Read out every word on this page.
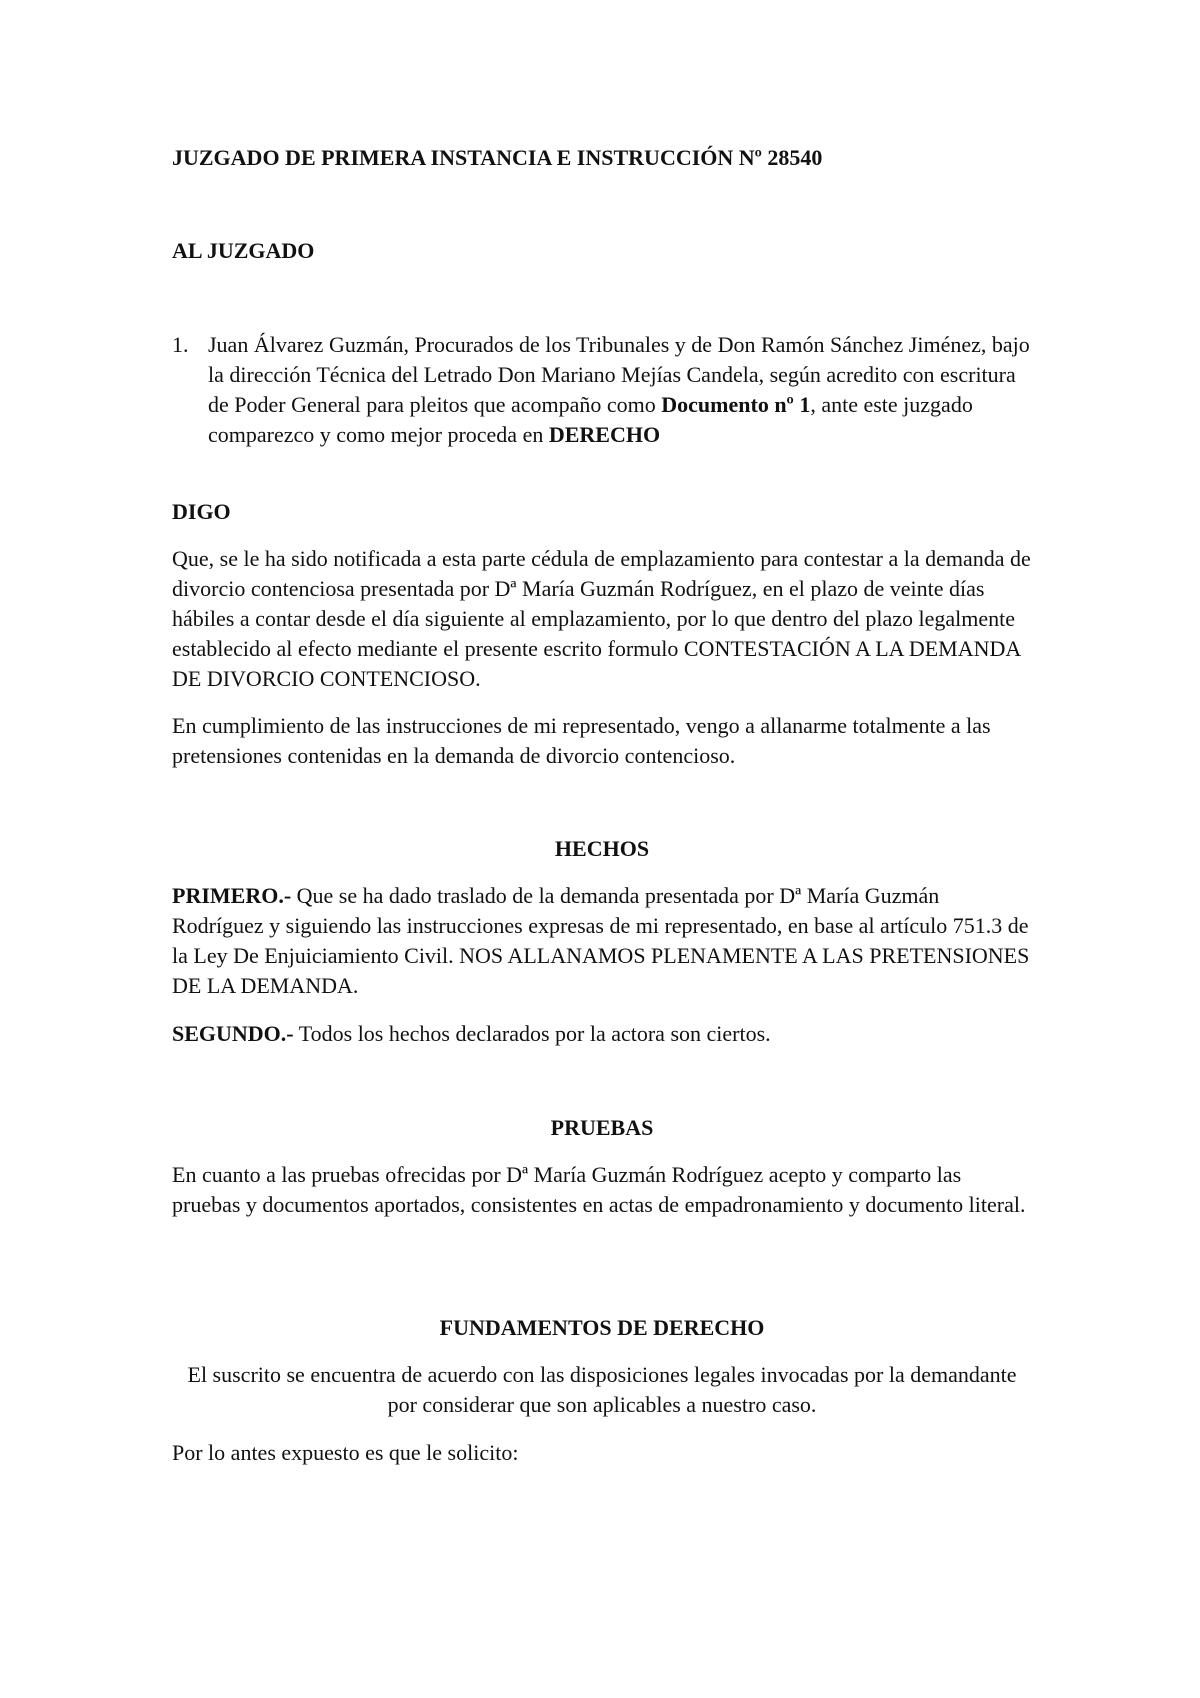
JUZGADO DE PRIMERA INSTANCIA E INSTRUCCIÓN Nº 28540

AL JUZGADO

1. Juan Álvarez Guzmán, Procurados de los Tribunales y de Don Ramón Sánchez Jiménez, bajo la dirección Técnica del Letrado Don Mariano Mejías Candela, según acredito con escritura de Poder General para pleitos que acompaño como Documento nº 1, ante este juzgado comparezco y como mejor proceda en DERECHO

DIGO

Que, se le ha sido notificada a esta parte cédula de emplazamiento para contestar a la demanda de divorcio contenciosa presentada por Dª María Guzmán Rodríguez, en el plazo de veinte días hábiles a contar desde el día siguiente al emplazamiento, por lo que dentro del plazo legalmente establecido al efecto mediante el presente escrito formulo CONTESTACIÓN A LA DEMANDA DE DIVORCIO CONTENCIOSO.

En cumplimiento de las instrucciones de mi representado, vengo a allanarme totalmente a las pretensiones contenidas en la demanda de divorcio contencioso.

HECHOS

PRIMERO.- Que se ha dado traslado de la demanda presentada por Dª María Guzmán Rodríguez y siguiendo las instrucciones expresas de mi representado, en base al artículo 751.3 de la Ley De Enjuiciamiento Civil. NOS ALLANAMOS PLENAMENTE A LAS PRETENSIONES DE LA DEMANDA.

SEGUNDO.- Todos los hechos declarados por la actora son ciertos.

PRUEBAS

En cuanto a las pruebas ofrecidas por Dª María Guzmán Rodríguez acepto y comparto las pruebas y documentos aportados, consistentes en actas de empadronamiento y documento literal.

FUNDAMENTOS DE DERECHO

El suscrito se encuentra de acuerdo con las disposiciones legales invocadas por la demandante por considerar que son aplicables a nuestro caso.

Por lo antes expuesto es que le solicito:
